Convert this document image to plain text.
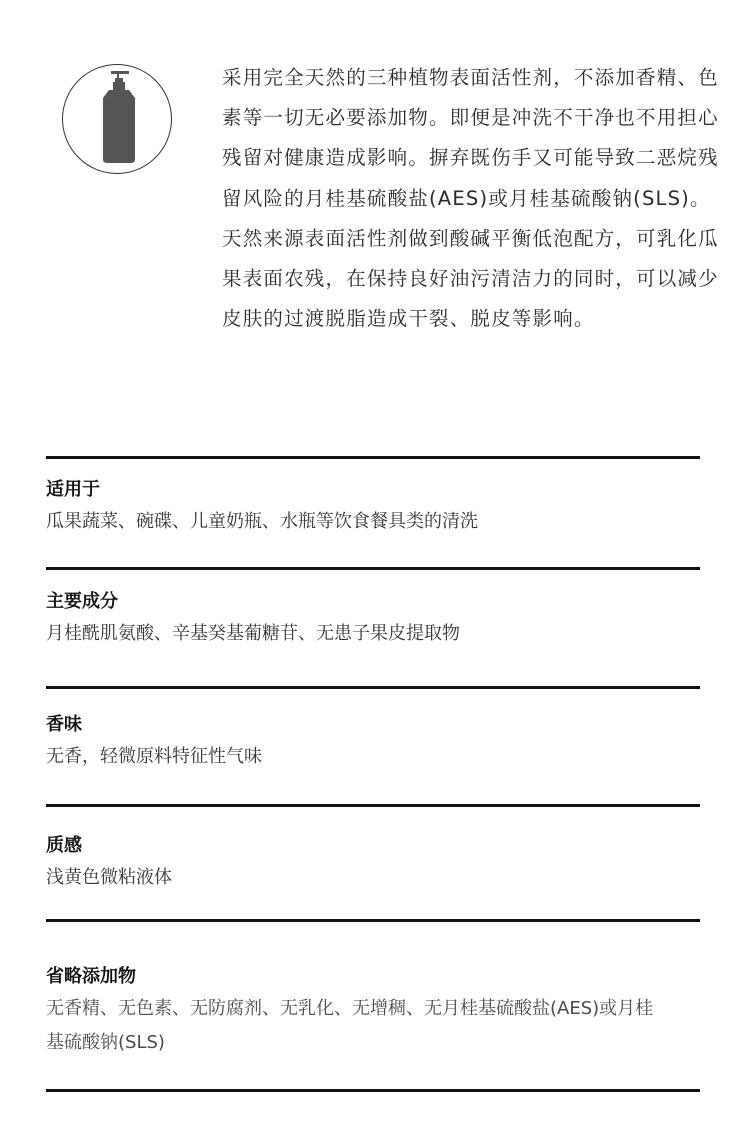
采用完全天然的三种植物表面活性剂，不添加香精、色素等一切无必要添加物。即便是冲洗不干净也不用担心残留对健康造成影响。摒弃既伤手又可能导致二恶烷残留风险的月桂基硫酸盐(AES)或月桂基硫酸钠(SLS)。天然来源表面活性剂做到酸碱平衡低泡配方，可乳化瓜果表面农残，在保持良好油污清洁力的同时，可以减少皮肤的过渡脱脂造成干裂、脱皮等影响。

适用于

瓜果蔬菜、碗碟、儿童奶瓶、水瓶等饮食餐具类的清洗

主要成分

月桂酰肌氨酸、辛基癸基葡糖苷、无患子果皮提取物

香味

无香，轻微原料特征性气味

质感

浅黄色微粘液体

省略添加物

无香精、无色素、无防腐剂、无乳化、无增稠、无月桂基硫酸盐(AES)或月桂基硫酸钠(SLS)
